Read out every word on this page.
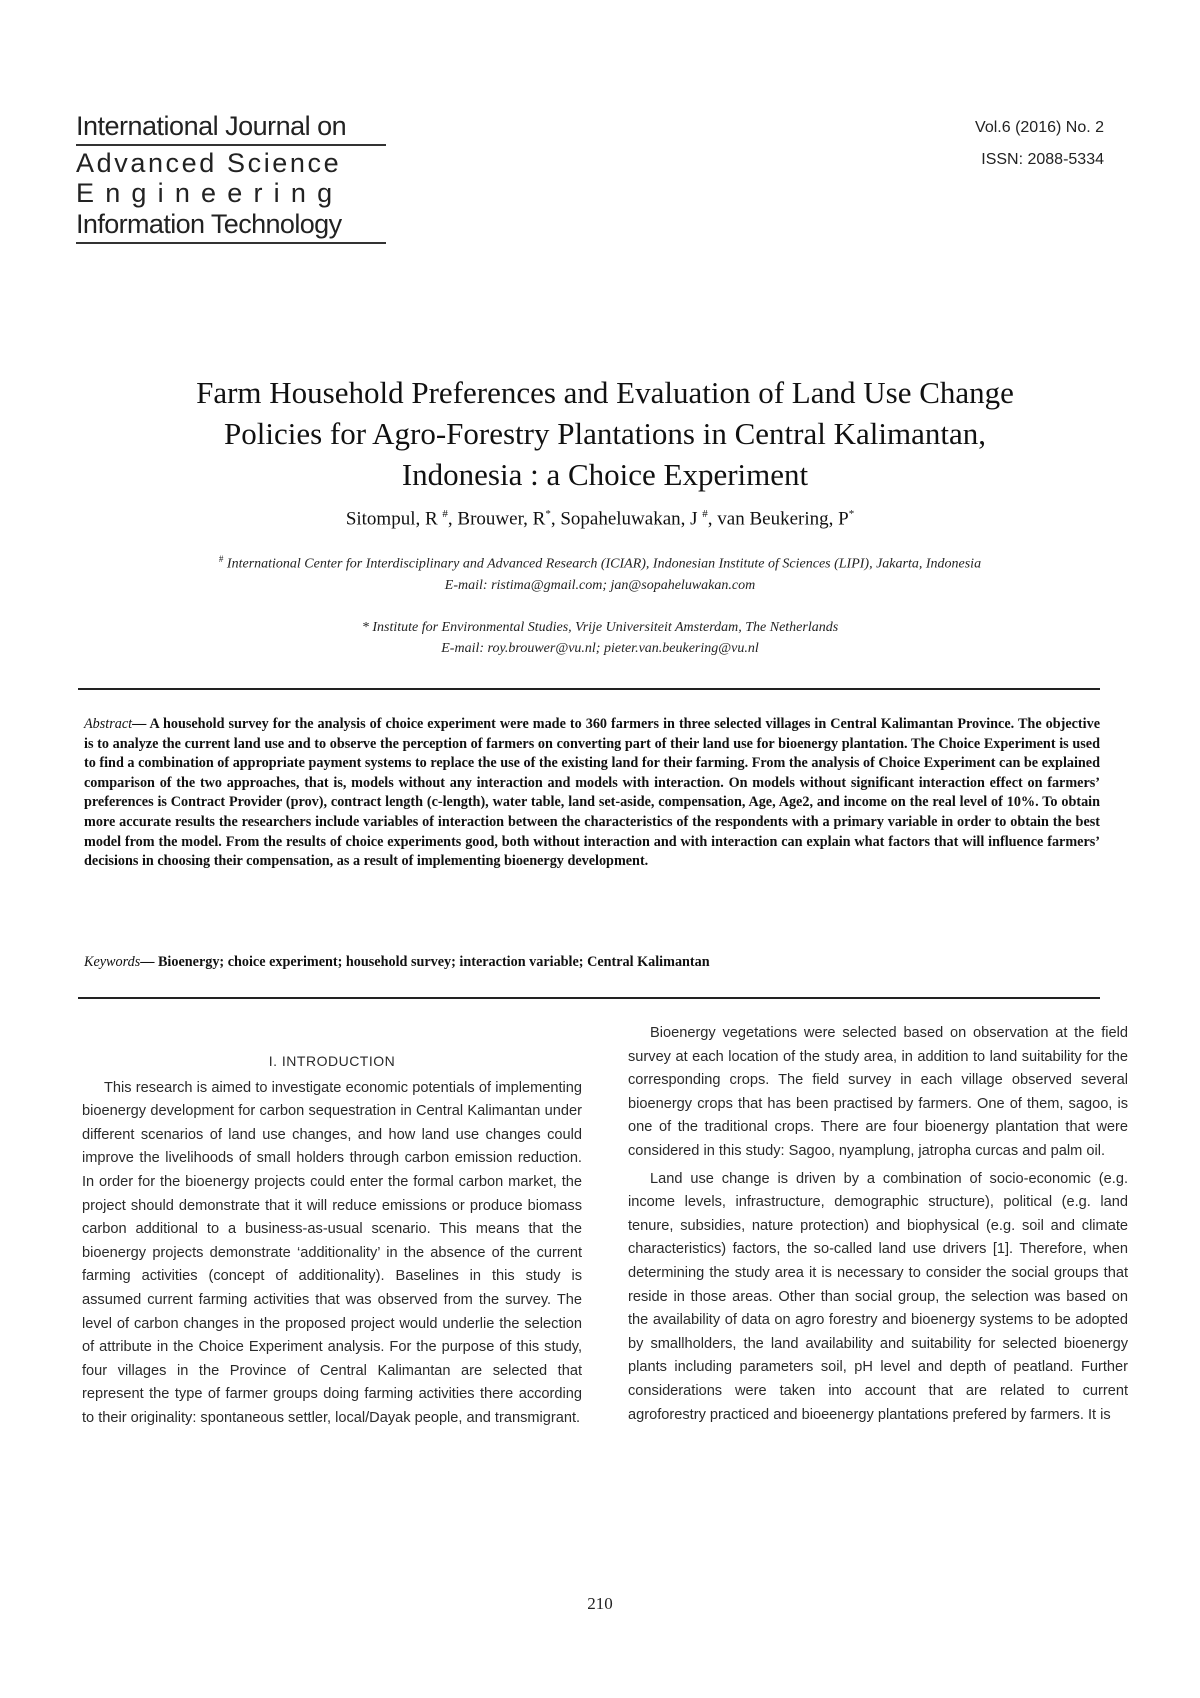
International Journal on
Advanced Science
Engineering
Information Technology
Vol.6 (2016) No. 2
ISSN: 2088-5334
Farm Household Preferences and Evaluation of Land Use Change
Policies for Agro-Forestry Plantations in Central Kalimantan,
Indonesia : a Choice Experiment
Sitompul, R #, Brouwer, R*, Sopaheluwakan, J #, van Beukering, P*
# International Center for Interdisciplinary and Advanced Research (ICIAR), Indonesian Institute of Sciences (LIPI), Jakarta, Indonesia
E-mail: ristima@gmail.com; jan@sopaheluwakan.com
* Institute for Environmental Studies, Vrije Universiteit Amsterdam, The Netherlands
E-mail: roy.brouwer@vu.nl; pieter.van.beukering@vu.nl
Abstract— A household survey for the analysis of choice experiment were made to 360 farmers in three selected villages in Central Kalimantan Province. The objective is to analyze the current land use and to observe the perception of farmers on converting part of their land use for bioenergy plantation. The Choice Experiment is used to find a combination of appropriate payment systems to replace the use of the existing land for their farming. From the analysis of Choice Experiment can be explained comparison of the two approaches, that is, models without any interaction and models with interaction. On models without significant interaction effect on farmers’ preferences is Contract Provider (prov), contract length (c-length), water table, land set-aside, compensation, Age, Age2, and income on the real level of 10%. To obtain more accurate results the researchers include variables of interaction between the characteristics of the respondents with a primary variable in order to obtain the best model from the model. From the results of choice experiments good, both without interaction and with interaction can explain what factors that will influence farmers’ decisions in choosing their compensation, as a result of implementing bioenergy development.
Keywords— Bioenergy; choice experiment; household survey; interaction variable; Central Kalimantan
I. INTRODUCTION

This research is aimed to investigate economic potentials of implementing bioenergy development for carbon sequestration in Central Kalimantan under different scenarios of land use changes, and how land use changes could improve the livelihoods of small holders through carbon emission reduction. In order for the bioenergy projects could enter the formal carbon market, the project should demonstrate that it will reduce emissions or produce biomass carbon additional to a business-as-usual scenario. This means that the bioenergy projects demonstrate ‘additionality’ in the absence of the current farming activities (concept of additionality). Baselines in this study is assumed current farming activities that was observed from the survey. The level of carbon changes in the proposed project would underlie the selection of attribute in the Choice Experiment analysis. For the purpose of this study, four villages in the Province of Central Kalimantan are selected that represent the type of farmer groups doing farming activities there according to their originality: spontaneous settler, local/Dayak people, and transmigrant.

Bioenergy vegetations were selected based on observation at the field survey at each location of the study area, in addition to land suitability for the corresponding crops. The field survey in each village observed several bioenergy crops that has been practised by farmers. One of them, sagoo, is one of the traditional crops. There are four bioenergy plantation that were considered in this study: Sagoo, nyamplung, jatropha curcas and palm oil.

Land use change is driven by a combination of socio-economic (e.g. income levels, infrastructure, demographic structure), political (e.g. land tenure, subsidies, nature protection) and biophysical (e.g. soil and climate characteristics) factors, the so-called land use drivers [1]. Therefore, when determining the study area it is necessary to consider the social groups that reside in those areas. Other than social group, the selection was based on the availability of data on agro forestry and bioenergy systems to be adopted by smallholders, the land availability and suitability for selected bioenergy plants including parameters soil, pH level and depth of peatland. Further considerations were taken into account that are related to current agroforestry practiced and bioeenergy plantations prefered by farmers. It is

210
